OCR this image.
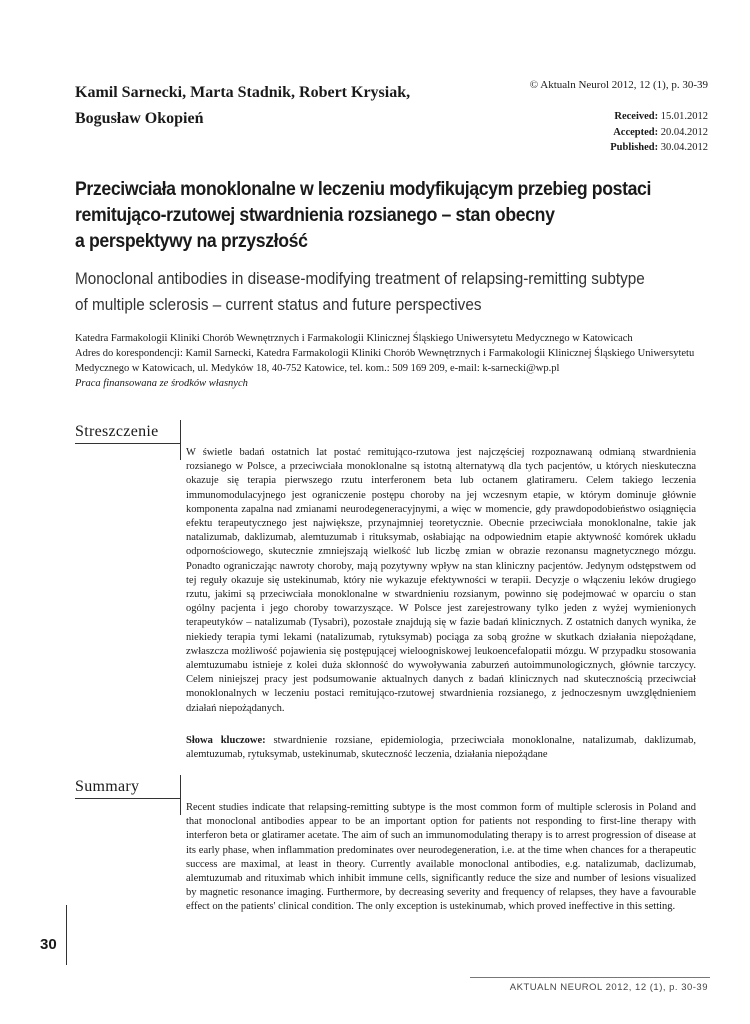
Kamil Sarnecki, Marta Stadnik, Robert Krysiak,
Bogusław Okopień
© Aktualn Neurol 2012, 12 (1), p. 30-39
Received: 15.01.2012
Accepted: 20.04.2012
Published: 30.04.2012
Przeciwciała monoklonalne w leczeniu modyfikującym przebieg postaci
remitująco-rzutowej stwardnienia rozsianego – stan obecny
a perspektywy na przyszłość
Monoclonal antibodies in disease-modifying treatment of relapsing-remitting subtype
of multiple sclerosis – current status and future perspectives
Katedra Farmakologii Kliniki Chorób Wewnętrznych i Farmakologii Klinicznej Śląskiego Uniwersytetu Medycznego w Katowicach
Adres do korespondencji: Kamil Sarnecki, Katedra Farmakologii Kliniki Chorób Wewnętrznych i Farmakologii Klinicznej Śląskiego Uniwersytetu
Medycznego w Katowicach, ul. Medyków 18, 40-752 Katowice, tel. kom.: 509 169 209, e-mail: k-sarnecki@wp.pl
Praca finansowana ze środków własnych
Streszczenie
W świetle badań ostatnich lat postać remitująco-rzutowa jest najczęściej rozpoznawaną odmianą stwardnienia rozsianego w Polsce, a przeciwciała monoklonalne są istotną alternatywą dla tych pacjentów, u których nieskuteczna okazuje się terapia pierwszego rzutu interferonem beta lub octanem glatirameru. Celem takiego leczenia immunomodulacyjnego jest ograniczenie postępu choroby na jej wczesnym etapie, w którym dominuje głównie komponenta zapalna nad zmianami neurodegeneracyjnymi, a więc w momencie, gdy prawdopodobieństwo osiągnięcia efektu terapeutycznego jest największe, przynajmniej teoretycznie. Obecnie przeciwciała monoklonalne, takie jak natalizumab, daklizumab, alemtuzumab i rituksymab, osłabiając na odpowiednim etapie aktywność komórek układu odpornościowego, skutecznie zmniejszają wielkość lub liczbę zmian w obrazie rezonansu magnetycznego mózgu. Ponadto ograniczając nawroty choroby, mają pozytywny wpływ na stan kliniczny pacjentów. Jedynym odstępstwem od tej reguły okazuje się ustekinumab, który nie wykazuje efektywności w terapii. Decyzje o włączeniu leków drugiego rzutu, jakimi są przeciwciała monoklonalne w stwardnieniu rozsianym, powinno się podejmować w oparciu o stan ogólny pacjenta i jego choroby towarzyszące. W Polsce jest zarejestrowany tylko jeden z wyżej wymienionych terapeutyków – natalizumab (Tysabri), pozostałe znajdują się w fazie badań klinicznych. Z ostatnich danych wynika, że niekiedy terapia tymi lekami (natalizumab, rytuksymab) pociąga za sobą groźne w skutkach działania niepożądane, zwłaszcza możliwość pojawienia się postępującej wieloogniskowej leukoencefalopatii mózgu. W przypadku stosowania alemtuzumabu istnieje z kolei duża skłonność do wywoływania zaburzeń autoimmunologicznych, głównie tarczycy. Celem niniejszej pracy jest podsumowanie aktualnych danych z badań klinicznych nad skutecznością przeciwciał monoklonalnych w leczeniu postaci remitująco-rzutowej stwardnienia rozsianego, z jednoczesnym uwzględnieniem działań niepożądanych.
Słowa kluczowe: stwardnienie rozsiane, epidemiologia, przeciwciała monoklonalne, natalizumab, daklizumab, alemtuzumab, rytuksymab, ustekinumab, skuteczność leczenia, działania niepożądane
Summary
Recent studies indicate that relapsing-remitting subtype is the most common form of multiple sclerosis in Poland and that monoclonal antibodies appear to be an important option for patients not responding to first-line therapy with interferon beta or glatiramer acetate. The aim of such an immunomodulating therapy is to arrest progression of disease at its early phase, when inflammation predominates over neurodegeneration, i.e. at the time when chances for a therapeutic success are maximal, at least in theory. Currently available monoclonal antibodies, e.g. natalizumab, daclizumab, alemtuzumab and rituximab which inhibit immune cells, significantly reduce the size and number of lesions visualized by magnetic resonance imaging. Furthermore, by decreasing severity and frequency of relapses, they have a favourable effect on the patients' clinical condition. The only exception is ustekinumab, which proved ineffective in this setting.
30
AKTUALN NEUROL 2012, 12 (1), p. 30-39
